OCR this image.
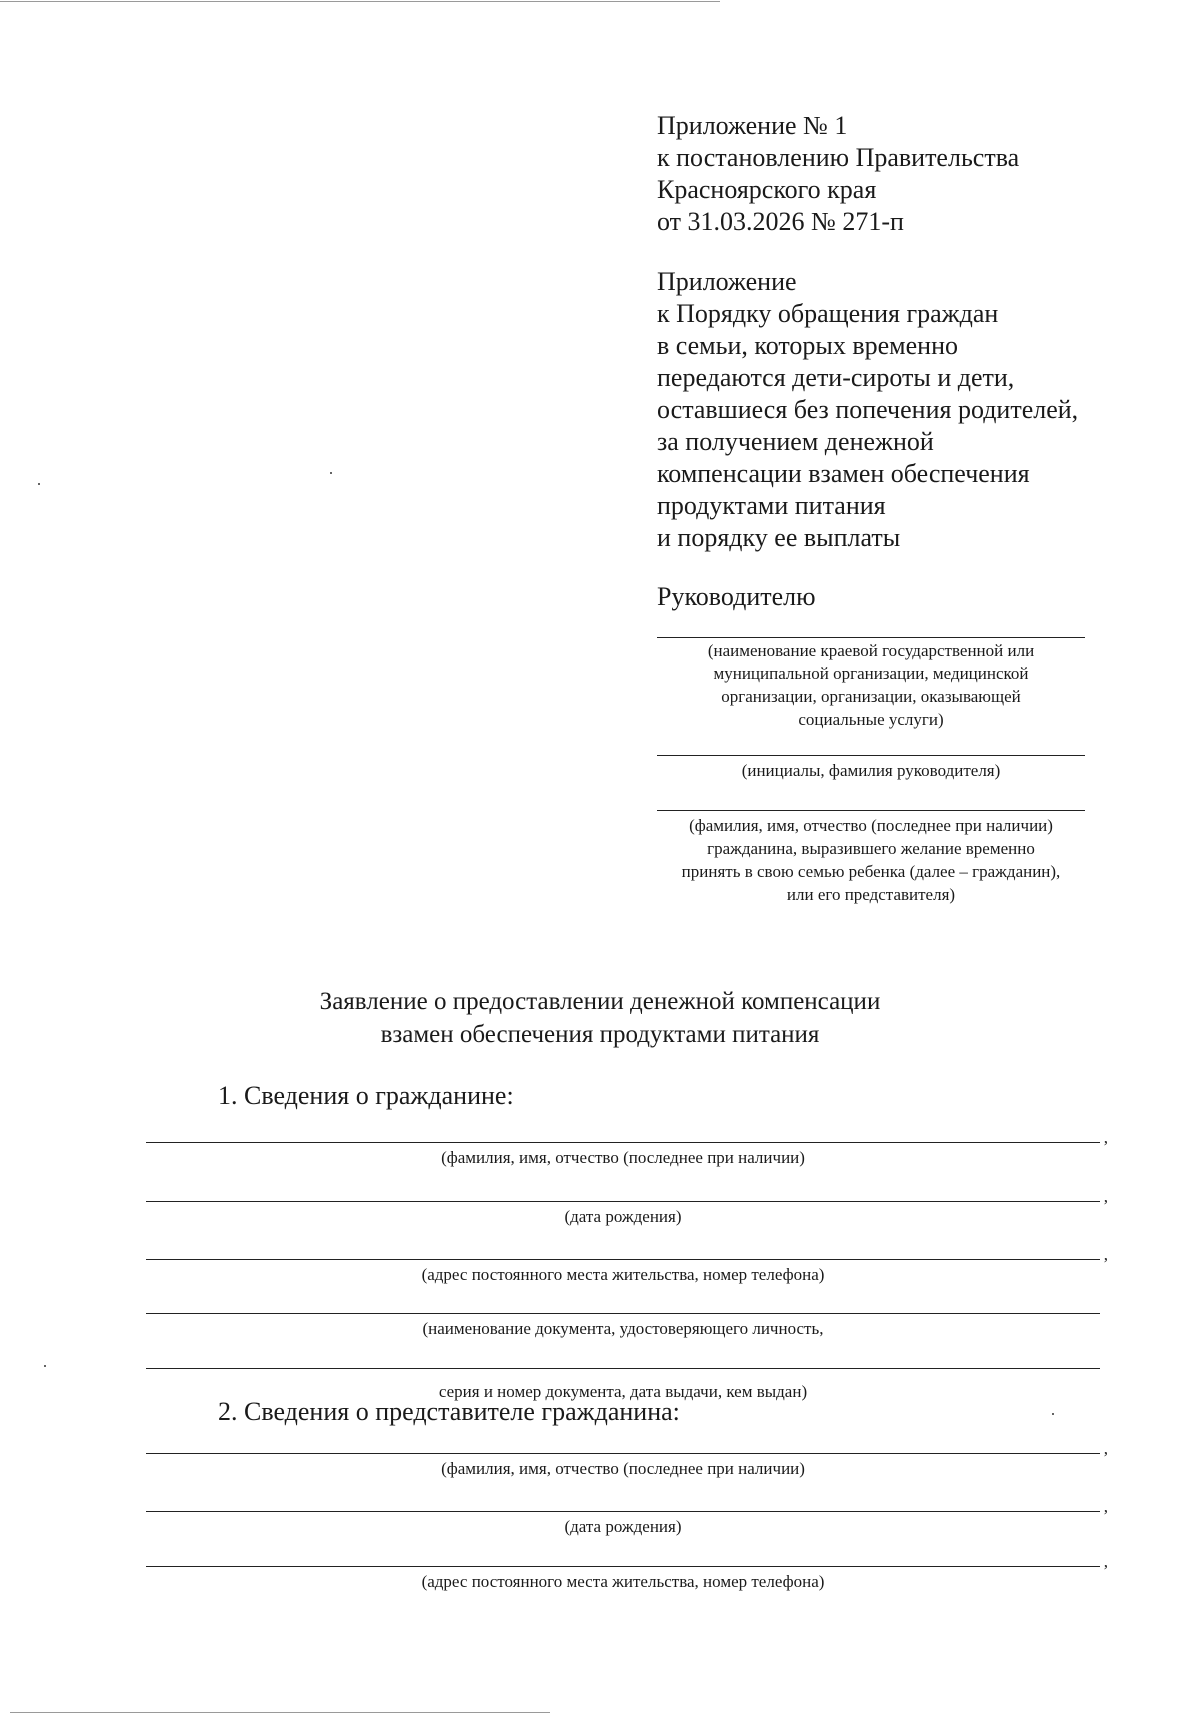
Приложение № 1
к постановлению Правительства
Красноярского края
от 31.03.2026 № 271-п
Приложение
к Порядку обращения граждан
в семьи, которых временно
передаются дети-сироты и дети,
оставшиеся без попечения родителей,
за получением денежной
компенсации взамен обеспечения
продуктами питания
и порядку ее выплаты
Руководителю
(наименование краевой государственной или
муниципальной организации, медицинской
организации, организации, оказывающей
социальные услуги)
(инициалы, фамилия руководителя)
(фамилия, имя, отчество (последнее при наличии)
гражданина, выразившего желание временно
принять в свою семью ребенка (далее – гражданин),
или его представителя)
Заявление о предоставлении денежной компенсации
взамен обеспечения продуктами питания
1. Сведения о гражданине:
,
(фамилия, имя, отчество (последнее при наличии)
,
(дата рождения)
,
(адрес постоянного места жительства, номер телефона)
(наименование документа, удостоверяющего личность,
серия и номер документа, дата выдачи, кем выдан)
2. Сведения о представителе гражданина:
,
(фамилия, имя, отчество (последнее при наличии)
,
(дата рождения)
,
(адрес постоянного места жительства, номер телефона)
